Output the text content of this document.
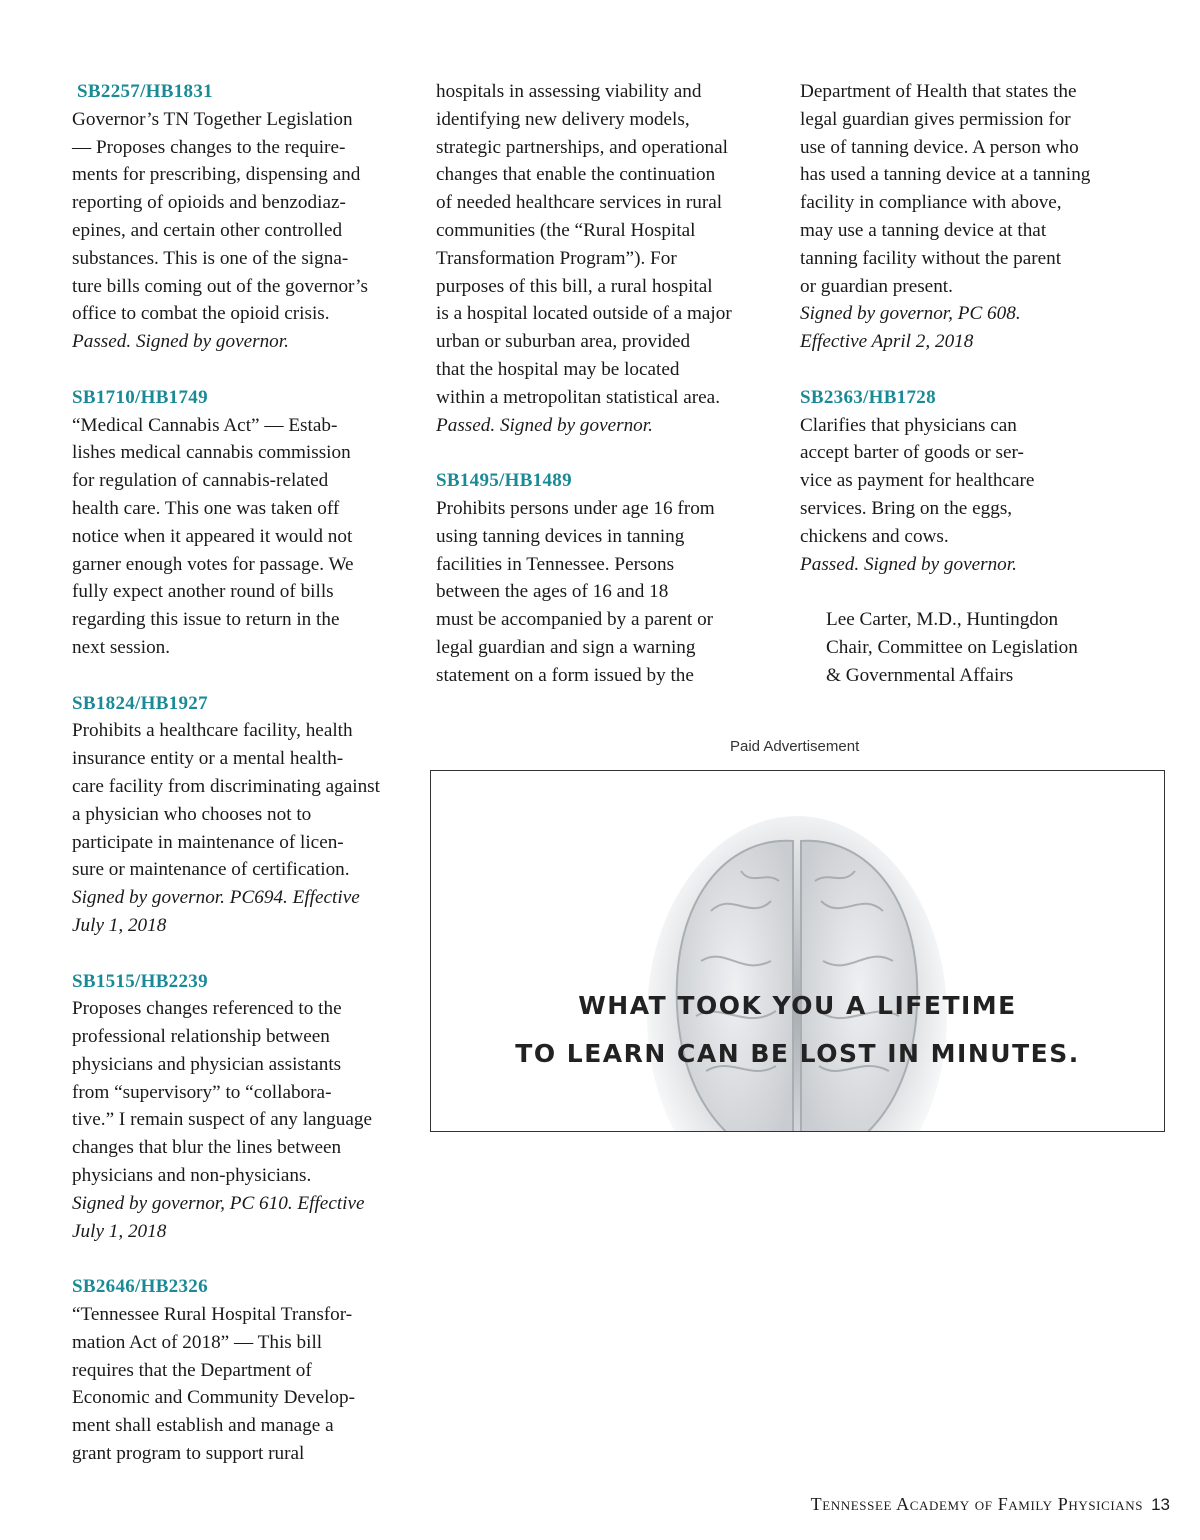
SB2257/HB1831
Governor’s TN Together Legislation
— Proposes changes to the require-
ments for prescribing, dispensing and
reporting of opioids and benzodiaz-
epines, and certain other controlled
substances. This is one of the signa-
ture bills coming out of the governor’s
office to combat the opioid crisis.
Passed. Signed by governor.
SB1710/HB1749
“Medical Cannabis Act” — Estab-
lishes medical cannabis commission
for regulation of cannabis-related
health care. This one was taken off
notice when it appeared it would not
garner enough votes for passage. We
fully expect another round of bills
regarding this issue to return in the
next session.
SB1824/HB1927
Prohibits a healthcare facility, health
insurance entity or a mental health-
care facility from discriminating against
a physician who chooses not to
participate in maintenance of licen-
sure or maintenance of certification.
Signed by governor. PC694. Effective
July 1, 2018
SB1515/HB2239
Proposes changes referenced to the
professional relationship between
physicians and physician assistants
from “supervisory” to “collabora-
tive.” I remain suspect of any language
changes that blur the lines between
physicians and non-physicians.
Signed by governor, PC 610. Effective
July 1, 2018
SB2646/HB2326
“Tennessee Rural Hospital Transfor-
mation Act of 2018” — This bill
requires that the Department of
Economic and Community Develop-
ment shall establish and manage a
grant program to support rural
hospitals in assessing viability and
identifying new delivery models,
strategic partnerships, and operational
changes that enable the continuation
of needed healthcare services in rural
communities (the “Rural Hospital
Transformation Program”). For
purposes of this bill, a rural hospital
is a hospital located outside of a major
urban or suburban area, provided
that the hospital may be located
within a metropolitan statistical area.
Passed. Signed by governor.
SB1495/HB1489
Prohibits persons under age 16 from
using tanning devices in tanning
facilities in Tennessee. Persons
between the ages of 16 and 18
must be accompanied by a parent or
legal guardian and sign a warning
statement on a form issued by the
Department of Health that states the
legal guardian gives permission for
use of tanning device. A person who
has used a tanning device at a tanning
facility in compliance with above,
may use a tanning device at that
tanning facility without the parent
or guardian present.
Signed by governor, PC 608.
Effective April 2, 2018
SB2363/HB1728
Clarifies that physicians can
accept barter of goods or ser-
vice as payment for healthcare
services. Bring on the eggs,
chickens and cows.
Passed. Signed by governor.
Lee Carter, M.D., Huntingdon
Chair, Committee on Legislation
& Governmental Affairs
Paid Advertisement
WHAT TOOK YOU A LIFETIME
TO LEARN CAN BE LOST IN MINUTES.
Tennessee Academy of Family Physicians 13
